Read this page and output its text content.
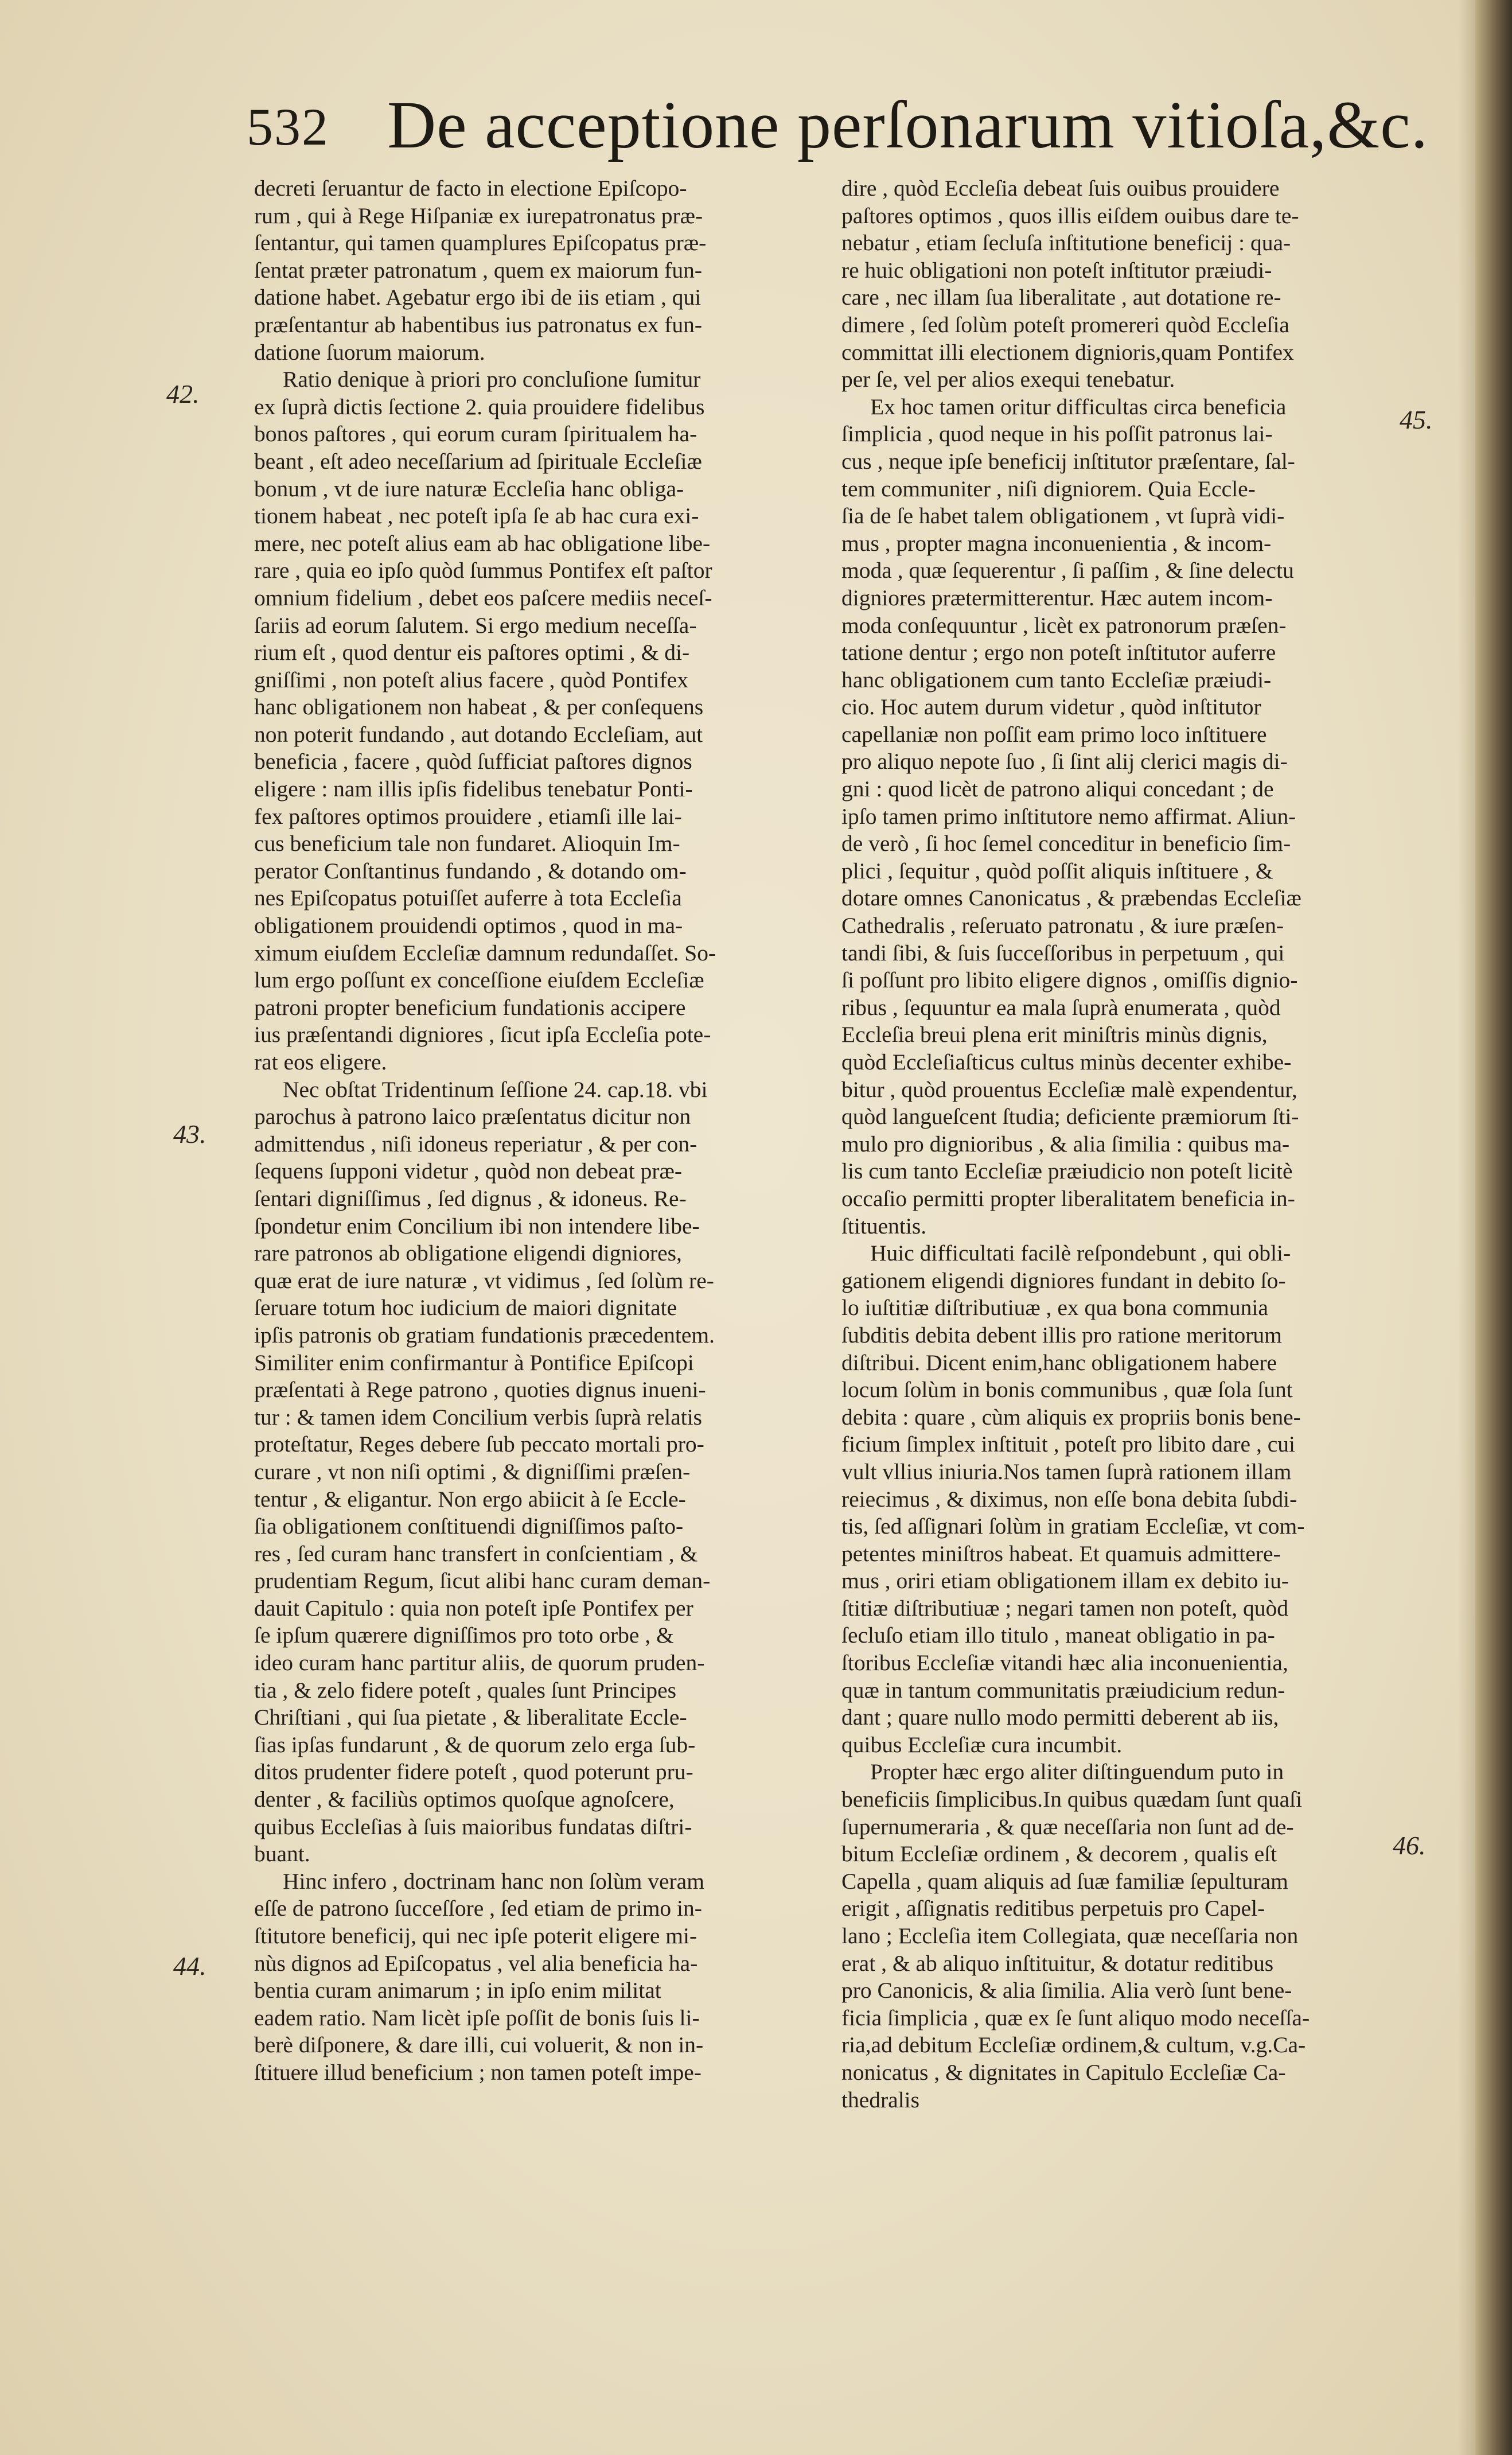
532 De acceptione perſonarum vitioſa,&c.
42.
43.
44.
45.
46.
decreti ſeruantur de facto in electione Epiſcopo-
rum , qui à Rege Hiſpaniæ ex iurepatronatus præ-
ſentantur, qui tamen quamplures Epiſcopatus præ-
ſentat præter patronatum , quem ex maiorum fun-
datione habet. Agebatur ergo ibi de iis etiam , qui
præſentantur ab habentibus ius patronatus ex fun-
datione ſuorum maiorum.
Ratio denique à priori pro concluſione ſumitur
ex ſuprà dictis ſectione 2. quia prouidere fidelibus
bonos paſtores , qui eorum curam ſpiritualem ha-
beant , eſt adeo neceſſarium ad ſpirituale Eccleſiæ
bonum , vt de iure naturæ Eccleſia hanc obliga-
tionem habeat , nec poteſt ipſa ſe ab hac cura exi-
mere, nec poteſt alius eam ab hac obligatione libe-
rare , quia eo ipſo quòd ſummus Pontifex eſt paſtor
omnium fidelium , debet eos paſcere mediis neceſ-
ſariis ad eorum ſalutem. Si ergo medium neceſſa-
rium eſt , quod dentur eis paſtores optimi , & di-
gniſſimi , non poteſt alius facere , quòd Pontifex
hanc obligationem non habeat , & per conſequens
non poterit fundando , aut dotando Eccleſiam, aut
beneficia , facere , quòd ſufficiat paſtores dignos
eligere : nam illis ipſis fidelibus tenebatur Ponti-
fex paſtores optimos prouidere , etiamſi ille lai-
cus beneficium tale non fundaret. Alioquin Im-
perator Conſtantinus fundando , & dotando om-
nes Epiſcopatus potuiſſet auferre à tota Eccleſia
obligationem prouidendi optimos , quod in ma-
ximum eiuſdem Eccleſiæ damnum redundaſſet. So-
lum ergo poſſunt ex conceſſione eiuſdem Eccleſiæ
patroni propter beneficium fundationis accipere
ius præſentandi digniores , ſicut ipſa Eccleſia pote-
rat eos eligere.
Nec obſtat Tridentinum ſeſſione 24. cap.18. vbi
parochus à patrono laico præſentatus dicitur non
admittendus , niſi idoneus reperiatur , & per con-
ſequens ſupponi videtur , quòd non debeat præ-
ſentari digniſſimus , ſed dignus , & idoneus. Re-
ſpondetur enim Concilium ibi non intendere libe-
rare patronos ab obligatione eligendi digniores,
quæ erat de iure naturæ , vt vidimus , ſed ſolùm re-
ſeruare totum hoc iudicium de maiori dignitate
ipſis patronis ob gratiam fundationis præcedentem.
Similiter enim confirmantur à Pontifice Epiſcopi
præſentati à Rege patrono , quoties dignus inueni-
tur : & tamen idem Concilium verbis ſuprà relatis
proteſtatur, Reges debere ſub peccato mortali pro-
curare , vt non niſi optimi , & digniſſimi præſen-
tentur , & eligantur. Non ergo abiicit à ſe Eccle-
ſia obligationem conſtituendi digniſſimos paſto-
res , ſed curam hanc transfert in conſcientiam , &
prudentiam Regum, ſicut alibi hanc curam deman-
dauit Capitulo : quia non poteſt ipſe Pontifex per
ſe ipſum quærere digniſſimos pro toto orbe , &
ideo curam hanc partitur aliis, de quorum pruden-
tia , & zelo fidere poteſt , quales ſunt Principes
Chriſtiani , qui ſua pietate , & liberalitate Eccle-
ſias ipſas fundarunt , & de quorum zelo erga ſub-
ditos prudenter fidere poteſt , quod poterunt pru-
denter , & faciliùs optimos quoſque agnoſcere,
quibus Eccleſias à ſuis maioribus fundatas diſtri-
buant.
Hinc infero , doctrinam hanc non ſolùm veram
eſſe de patrono ſucceſſore , ſed etiam de primo in-
ſtitutore beneficij, qui nec ipſe poterit eligere mi-
nùs dignos ad Epiſcopatus , vel alia beneficia ha-
bentia curam animarum ; in ipſo enim militat
eadem ratio. Nam licèt ipſe poſſit de bonis ſuis li-
berè diſponere, & dare illi, cui voluerit, & non in-
ſtituere illud beneficium ; non tamen poteſt impe-
dire , quòd Eccleſia debeat ſuis ouibus prouidere
paſtores optimos , quos illis eiſdem ouibus dare te-
nebatur , etiam ſecluſa inſtitutione beneficij : qua-
re huic obligationi non poteſt inſtitutor præiudi-
care , nec illam ſua liberalitate , aut dotatione re-
dimere , ſed ſolùm poteſt promereri quòd Eccleſia
committat illi electionem dignioris,quam Pontifex
per ſe, vel per alios exequi tenebatur.
Ex hoc tamen oritur difficultas circa beneficia
ſimplicia , quod neque in his poſſit patronus lai-
cus , neque ipſe beneficij inſtitutor præſentare, ſal-
tem communiter , niſi digniorem. Quia Eccle-
ſia de ſe habet talem obligationem , vt ſuprà vidi-
mus , propter magna inconuenientia , & incom-
moda , quæ ſequerentur , ſi paſſim , & ſine delectu
digniores prætermitterentur. Hæc autem incom-
moda conſequuntur , licèt ex patronorum præſen-
tatione dentur ; ergo non poteſt inſtitutor auferre
hanc obligationem cum tanto Eccleſiæ præiudi-
cio. Hoc autem durum videtur , quòd inſtitutor
capellaniæ non poſſit eam primo loco inſtituere
pro aliquo nepote ſuo , ſi ſint alij clerici magis di-
gni : quod licèt de patrono aliqui concedant ; de
ipſo tamen primo inſtitutore nemo affirmat. Aliun-
de verò , ſi hoc ſemel conceditur in beneficio ſim-
plici , ſequitur , quòd poſſit aliquis inſtituere , &
dotare omnes Canonicatus , & præbendas Eccleſiæ
Cathedralis , reſeruato patronatu , & iure præſen-
tandi ſibi, & ſuis ſucceſſoribus in perpetuum , qui
ſi poſſunt pro libito eligere dignos , omiſſis dignio-
ribus , ſequuntur ea mala ſuprà enumerata , quòd
Eccleſia breui plena erit miniſtris minùs dignis,
quòd Eccleſiaſticus cultus minùs decenter exhibe-
bitur , quòd prouentus Eccleſiæ malè expendentur,
quòd langueſcent ſtudia; deficiente præmiorum ſti-
mulo pro dignioribus , & alia ſimilia : quibus ma-
lis cum tanto Eccleſiæ præiudicio non poteſt licitè
occaſio permitti propter liberalitatem beneficia in-
ſtituentis.
Huic difficultati facilè reſpondebunt , qui obli-
gationem eligendi digniores fundant in debito ſo-
lo iuſtitiæ diſtributiuæ , ex qua bona communia
ſubditis debita debent illis pro ratione meritorum
diſtribui. Dicent enim,hanc obligationem habere
locum ſolùm in bonis communibus , quæ ſola ſunt
debita : quare , cùm aliquis ex propriis bonis bene-
ficium ſimplex inſtituit , poteſt pro libito dare , cui
vult vllius iniuria.Nos tamen ſuprà rationem illam
reiecimus , & diximus, non eſſe bona debita ſubdi-
tis, ſed aſſignari ſolùm in gratiam Eccleſiæ, vt com-
petentes miniſtros habeat. Et quamuis admittere-
mus , oriri etiam obligationem illam ex debito iu-
ſtitiæ diſtributiuæ ; negari tamen non poteſt, quòd
ſecluſo etiam illo titulo , maneat obligatio in pa-
ſtoribus Eccleſiæ vitandi hæc alia inconuenientia,
quæ in tantum communitatis præiudicium redun-
dant ; quare nullo modo permitti deberent ab iis,
quibus Eccleſiæ cura incumbit.
Propter hæc ergo aliter diſtinguendum puto in
beneficiis ſimplicibus.In quibus quædam ſunt quaſi
ſupernumeraria , & quæ neceſſaria non ſunt ad de-
bitum Eccleſiæ ordinem , & decorem , qualis eſt
Capella , quam aliquis ad ſuæ familiæ ſepulturam
erigit , aſſignatis reditibus perpetuis pro Capel-
lano ; Eccleſia item Collegiata, quæ neceſſaria non
erat , & ab aliquo inſtituitur, & dotatur reditibus
pro Canonicis, & alia ſimilia. Alia verò ſunt bene-
ficia ſimplicia , quæ ex ſe ſunt aliquo modo neceſſa-
ria,ad debitum Eccleſiæ ordinem,& cultum, v.g.Ca-
nonicatus , & dignitates in Capitulo Eccleſiæ Ca-
thedralis
